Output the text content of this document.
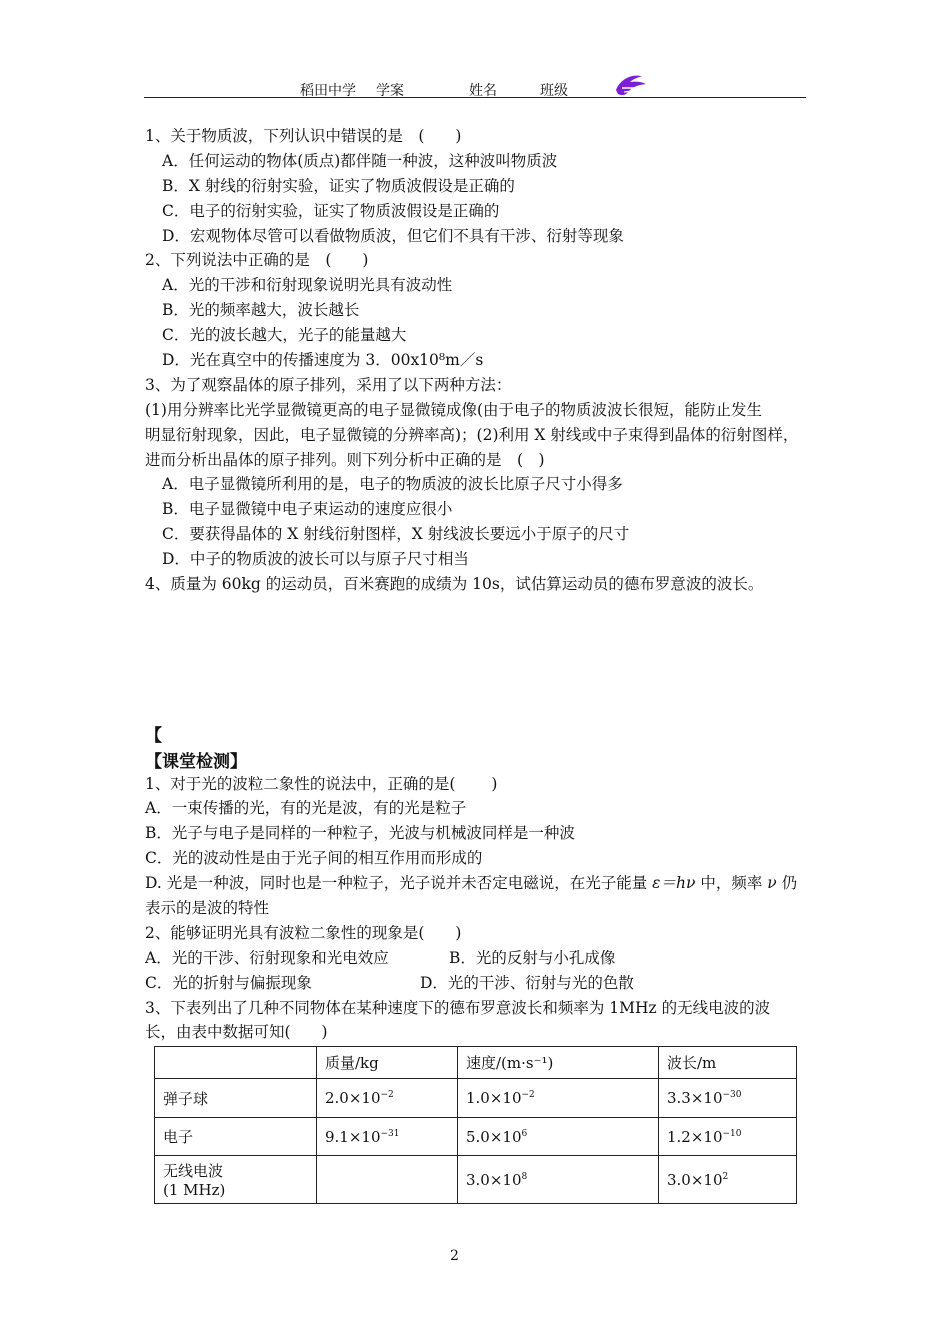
稻田中学 学案	姓名	班级
1、关于物质波，下列认识中错误的是　(　　)
A．任何运动的物体(质点)都伴随一种波，这种波叫物质波
B．X 射线的衍射实验，证实了物质波假设是正确的
C．电子的衍射实验，证实了物质波假设是正确的
D．宏观物体尽管可以看做物质波，但它们不具有干涉、衍射等现象
2、下列说法中正确的是　(　　)
A．光的干涉和衍射现象说明光具有波动性
B．光的频率越大，波长越长
C．光的波长越大，光子的能量越大
D．光在真空中的传播速度为 3．00x10⁸m／s
3、为了观察晶体的原子排列，采用了以下两种方法：
(1)用分辨率比光学显微镜更高的电子显微镜成像(由于电子的物质波波长很短，能防止发生
明显衍射现象，因此，电子显微镜的分辨率高)；(2)利用 X 射线或中子束得到晶体的衍射图样，
进而分析出晶体的原子排列。则下列分析中正确的是　(　)
A．电子显微镜所利用的是，电子的物质波的波长比原子尺寸小得多
B．电子显微镜中电子束运动的速度应很小
C．要获得晶体的 X 射线衍射图样，X 射线波长要远小于原子的尺寸
D．中子的物质波的波长可以与原子尺寸相当
4、质量为 60kg 的运动员，百米赛跑的成绩为 10s，试估算运动员的德布罗意波的波长。
【
【课堂检测】
1、对于光的波粒二象性的说法中，正确的是(　　 )
A．一束传播的光，有的光是波，有的光是粒子
B．光子与电子是同样的一种粒子，光波与机械波同样是一种波
C．光的波动性是由于光子间的相互作用而形成的
D. 光是一种波，同时也是一种粒子，光子说并未否定电磁说，在光子能量 ε＝hν 中，频率 ν 仍
表示的是波的特性
2、能够证明光具有波粒二象性的现象是(　　)
A．光的干涉、衍射现象和光电效应	B．光的反射与小孔成像
C．光的折射与偏振现象	D．光的干涉、衍射与光的色散
3、下表列出了几种不同物体在某种速度下的德布罗意波长和频率为 1MHz 的无线电波的波
长，由表中数据可知(　　)
	质量/kg	速度/(m·s⁻¹)	波长/m
弹子球	$2.0\times 10^{-2}$	$1.0\times 10^{-2}$	$3.3\times 10^{-30}$
电子	$9.1\times 10^{-31}$	$5.0\times 10^6$	$1.2\times 10^{-10}$

无线电波
(1 MHz)		$3.0\times 10^8$	$3.0\times 10^2$
2
